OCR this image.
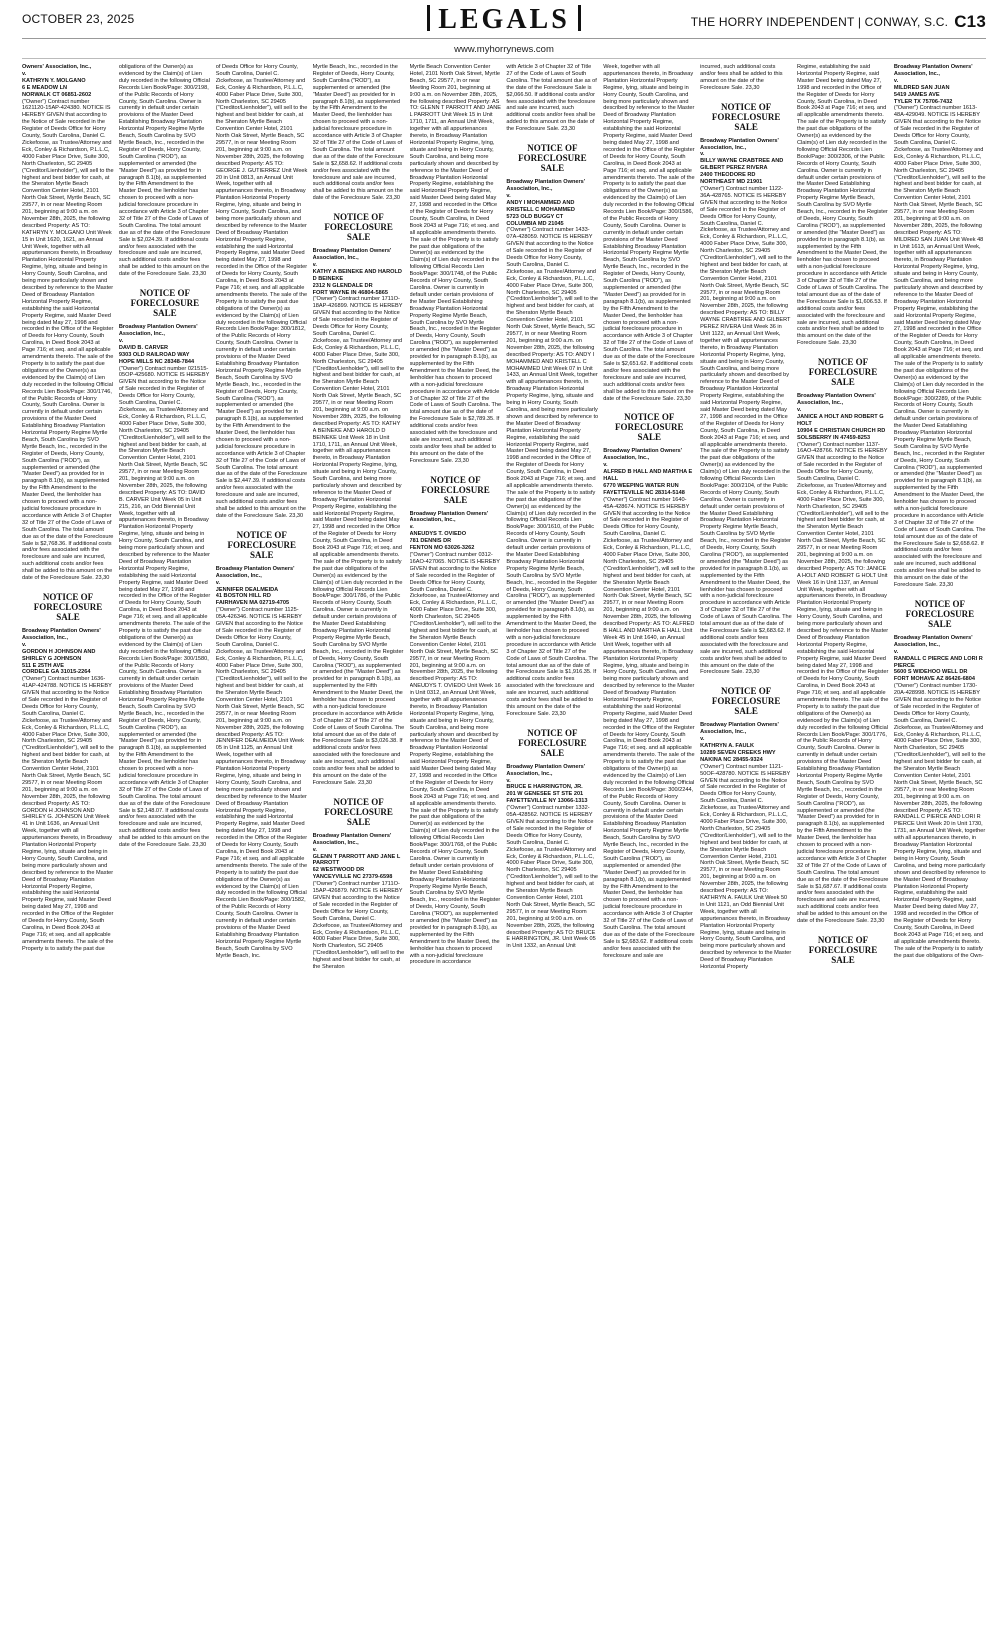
OCTOBER 23, 2025	LEGALS	THE HORRY INDEPENDENT | CONWAY, S.C. C13
www.myhorrynews.com
Owners' Association, Inc.,
v.
KATHRYN Y. MOLGANO
6 E MEADOW LN
NORWALK CT 06851-2602
("Owner") Contract number 1621120-15AP-424380. NOTICE IS HEREBY GIVEN that according to the Notice of Sale recorded in the Register of Deeds Office for Horry County, South Carolina, Daniel C. Zickefoose, as Trustee/Attorney and Eck, Conley & Richardson, P.L.L.C, 4000 Faber Place Drive, Suite 300, North Charleston, SC 29405 ("Creditor/Lienholder"), will sell to the highest and best bidder for cash, at the Sheraton Myrtle Beach Convention Center Hotel, 2101 North Oak Street, Myrtle Beach, SC 29577, in or near Meeting Room 201, beginning at 9:00 a.m. on November 28th, 2025, the following described Property: AS TO: KATHRYN Y. MOLGANO Unit Week 15 in Unit 1620, 1621, an Annual Unit Week, together with all appurtenances thereto, in Broadway Plantation Horizontal Property Regime, lying, situate and being in Horry County, South Carolina, and being more particularly shown and described by reference to the Master Deed of Broadway Plantation Horizontal Property Regime, establishing the said Horizontal Property Regime, said Master Deed being dated May 27, 1998 and recorded in the Office of the Register of Deeds for Horry County, South Carolina, in Deed Book 2043 at Page 716; et seq. and all applicable amendments thereto. The sale of the Property is to satisfy the past due obligations of the Owner(s) as evidenced by the Claim(s) of Lien duly recorded in the following Official Records Lien Book/Page: 300/1746, of the Public Records of Horry County, South Carolina. Owner is currently in default under certain provisions of the Master Deed Establishing Broadway Plantation Horizontal Property Regime Myrtle Beach, South Carolina by SVO Myrtle Beach, Inc., recorded in the Register of Deeds, Horry County, South Carolina ("ROD"), as supplemented or amended (the "Master Deed") as provided for in paragraph 8.1(b), as supplemented by the Fifth Amendment to the Master Deed, the lienholder has chosen to proceed with a non-judicial foreclosure procedure in accordance with Article 3 of Chapter 32 of Title 27 of the Code of Laws of South Carolina. The total amount due as of the date of the Foreclosure Sale is $2,768.36. If additional costs and/or fees associated with the foreclosure and sale are incurred, such additional costs and/or fees shall be added to this amount on the date of the Foreclosure Sale. 23,30
NOTICE OF FORECLOSURE SALE
Broadway Plantation Owners' Association, Inc.,
v.
GORDON H JOHNSON AND SHIRLEY G JOHNSON
511 E 25TH AVE
CORDELE GA 31015-2264
("Owner") Contract number 1636-41AP-424788. NOTICE IS HEREBY GIVEN that according to the Notice of Sale recorded in the Register of Deeds Office for Horry County, South Carolina, Daniel C. Zickefoose, as Trustee/Attorney and Eck, Conley & Richardson, P.L.L.C, 4000 Faber Place Drive, Suite 300, North Charleston, SC 29405 ("Creditor/Lienholder"), will sell to the highest and best bidder for cash, at the Sheraton Myrtle Beach Convention Center Hotel, 2101 North Oak Street, Myrtle Beach, SC 29577, in or near Meeting Room 201, beginning at 9:00 a.m. on November 28th, 2025, the following described Property: AS TO: GORDON H JOHNSON AND SHIRLEY G. JOHNSON Unit Week 41 in Unit 1636, an Annual Unit Week, together with all appurtenances thereto, in Broadway Plantation Horizontal Property Regime, lying, situate and being in Horry County, South Carolina, and being more particularly shown and described by reference to the Master Deed of Broadway Plantation Horizontal Property Regime, establishing the said Horizontal Property Regime, said Master Deed being dated May 27, 1998 and recorded in the Office of the Register of Deeds for Horry County, South Carolina, in Deed Book 2043 at Page 716; et seq. and all applicable amendments thereto. The sale of the Property is to satisfy the past due
obligations of the Owner(s) as evidenced by the Claim(s) of Lien duly recorded in the following Official Records Lien Book/Page: 300/2198, of the Public Records of Horry County, South Carolina. Owner is currently in default under certain provisions of the Master Deed Establishing Broadway Plantation Horizontal Property Regime Myrtle Beach, South Carolina by SVO Myrtle Beach, Inc., recorded in the Register of Deeds, Horry County, South Carolina ("ROD"), as supplemented or amended (the "Master Deed") as provided for in paragraph 8.1(b), as supplemented by the Fifth Amendment to the Master Deed, the lienholder has chosen to proceed with a non-judicial foreclosure procedure in accordance with Article 3 of Chapter 32 of Title 27 of the Code of Laws of South Carolina. The total amount due as of the date of the Foreclosure Sale is $2,024.39. If additional costs and/or fees associated with the foreclosure and sale are incurred, such additional costs and/or fees shall be added to this amount on the date of the Foreclosure Sale. 23,30
NOTICE OF FORECLOSURE SALE
Broadway Plantation Owners' Association, Inc.,
v.
DAVID B. CARVER
9303 OLD RAILROAD WAY
HOPE MILLS NC 28348-7844
("Owner") Contract number 021515-05OP-425680. NOTICE IS HEREBY GIVEN that according to the Notice of Sale recorded in the Register of Deeds Office for Horry County, South Carolina, Daniel C. Zickefoose, as Trustee/Attorney and Eck, Conley & Richardson, P.L.L.C, 4000 Faber Place Drive, Suite 300, North Charleston, SC 29405 ("Creditor/Lienholder"), will sell to the highest and best bidder for cash, at the Sheraton Myrtle Beach Convention Center Hotel, 2101 North Oak Street, Myrtle Beach, SC 29577, in or near Meeting Room 201, beginning at 9:00 a.m. on November 28th, 2025, the following described Property: AS TO: DAVID B. CARVER Unit Week 05 in Unit 215, 216, an Odd Biennial Unit Week, together with all appurtenances thereto, in Broadway Plantation Horizontal Property Regime, lying, situate and being in Horry County, South Carolina, and being more particularly shown and described by reference to the Master Deed of Broadway Plantation Horizontal Property Regime, establishing the said Horizontal Property Regime, said Master Deed being dated May 27, 1998 and recorded in the Office of the Register of Deeds for Horry County, South Carolina, in Deed Book 2043 at Page 716; et seq. and all applicable amendments thereto. The sale of the Property is to satisfy the past due obligations of the Owner(s) as evidenced by the Claim(s) of Lien duly recorded in the following Official Records Lien Book/Page: 300/1580, of the Public Records of Horry County, South Carolina. Owner is currently in default under certain provisions of the Master Deed Establishing Broadway Plantation Horizontal Property Regime Myrtle Beach, South Carolina by SVO Myrtle Beach, Inc., recorded in the Register of Deeds, Horry County, South Carolina ("ROD"), as supplemented or amended (the "Master Deed") as provided for in paragraph 8.1(b), as supplemented by the Fifth Amendment to the Master Deed, the lienholder has chosen to proceed with a non-judicial foreclosure procedure in accordance with Article 3 of Chapter 32 of Title 27 of the Code of Laws of South Carolina. The total amount due as of the date of the Foreclosure Sale is $2,148.07. If additional costs and/or fees associated with the foreclosure and sale are incurred, such additional costs and/or fees shall be added to this amount on the date of the Foreclosure Sale. 23,30
of Deeds Office for Horry County, South Carolina, Daniel C. Zickefoose, as Trustee/Attorney and Eck, Conley & Richardson, P.L.L.C, 4000 Faber Place Drive, Suite 300, North Charleston, SC 29405 ("Creditor/Lienholder"), will sell to the highest and best bidder for cash, at the Sheraton Myrtle Beach Convention Center Hotel, 2101 North Oak Street, Myrtle Beach, SC 29577, in or near Meeting Room 201, beginning at 9:00 a.m. on November 28th, 2025, the following described Property: AS TO: GEORGE J. GUTIERREZ Unit Week 20 in Unit 0813, an Annual Unit Week, together with all appurtenances thereto, in Broadway Plantation Horizontal Property Regime, lying, situate and being in Horry County, South Carolina, and being more particularly shown and described by reference to the Master Deed of Broadway Plantation Horizontal Property Regime, establishing the said Horizontal Property Regime, said Master Deed being dated May 27, 1998 and recorded in the Office of the Register of Deeds for Horry County, South Carolina, in Deed Book 2043 at Page 716; et seq. and all applicable amendments thereto. The sale of the Property is to satisfy the past due obligations of the Owner(s) as evidenced by the Claim(s) of Lien duly recorded in the following Official Records Lien Book/Page: 300/1812, of the Public Records of Horry County, South Carolina. Owner is currently in default under certain provisions of the Master Deed Establishing Broadway Plantation Horizontal Property Regime Myrtle Beach, South Carolina by SVO Myrtle Beach, Inc., recorded in the Register of Deeds, Horry County, South Carolina ("ROD"), as supplemented or amended (the "Master Deed") as provided for in paragraph 8.1(b), as supplemented by the Fifth Amendment to the Master Deed, the lienholder has chosen to proceed with a non-judicial foreclosure procedure in accordance with Article 3 of Chapter 32 of Title 27 of the Code of Laws of South Carolina. The total amount due as of the date of the Foreclosure Sale is $2,447.39. If additional costs and/or fees associated with the foreclosure and sale are incurred, such additional costs and/or fees shall be added to this amount on the date of the Foreclosure Sale. 23,30
NOTICE OF FORECLOSURE SALE
Broadway Plantation Owners' Association, Inc.,
v.
JENNIFER DEALMEIDA
41 BOSTON HILL RD
FAIRHAVEN MA 02719-4705
("Owner") Contract number 1125-05A-426346. NOTICE IS HEREBY GIVEN that according to the Notice of Sale recorded in the Register of Deeds Office for Horry County, South Carolina, Daniel C. Zickefoose, as Trustee/Attorney and Eck, Conley & Richardson, P.L.L.C, 4000 Faber Place Drive, Suite 300, North Charleston, SC 29405 ("Creditor/Lienholder"), will sell to the highest and best bidder for cash, at the Sheraton Myrtle Beach Convention Center Hotel, 2101 North Oak Street, Myrtle Beach, SC 29577, in or near Meeting Room 201, beginning at 9:00 a.m. on November 28th, 2025, the following described Property: AS TO: JENNIFER DEALMEIDA Unit Week 05 in Unit 1125, an Annual Unit Week, together with all appurtenances thereto, in Broadway Plantation Horizontal Property Regime, lying, situate and being in Horry County, South Carolina, and being more particularly shown and described by reference to the Master Deed of Broadway Plantation Horizontal Property Regime, establishing the said Horizontal Property Regime, said Master Deed being dated May 27, 1998 and recorded in the Office of the Register of Deeds for Horry County, South Carolina, in Deed Book 2043 at Page 716; et seq. and all applicable amendments thereto. The sale of the Property is to satisfy the past due obligations of the Owner(s) as evidenced by the Claim(s) of Lien duly recorded in the following Official Records Lien Book/Page: 300/1582, of the Public Records of Horry County, South Carolina. Owner is currently in default under certain provisions of the Master Deed Establishing Broadway Plantation Horizontal Property Regime Myrtle Beach, South Carolina by SVO Myrtle Beach, Inc.
Myrtle Beach, Inc., recorded in the Register of Deeds, Horry County, South Carolina ("ROD"), as supplemented or amended (the "Master Deed") as provided for in paragraph 8.1(b), as supplemented by the Fifth Amendment to the Master Deed, the lienholder has chosen to proceed with a non-judicial foreclosure procedure in accordance with Article 3 of Chapter 32 of Title 27 of the Code of Laws of South Carolina. The total amount due as of the date of the Foreclosure Sale is $2,658.62. If additional costs and/or fees associated with the foreclosure and sale are incurred, such additional costs and/or fees shall be added to this amount on the date of the Foreclosure Sale. 23,30
NOTICE OF FORECLOSURE SALE
Broadway Plantation Owners' Association, Inc.,
v.
KATHY A BEINEKE AND HAROLD D BEINEKE
2312 N GLENDALE DR
FORT WAYNE IN 46804-5865
("Owner") Contract number 1711O-18AP-426899. NOTICE IS HEREBY GIVEN that according to the Notice of Sale recorded in the Register of Deeds Office for Horry County, South Carolina, Daniel C. Zickefoose, as Trustee/Attorney and Eck, Conley & Richardson, P.L.L.C, 4000 Faber Place Drive, Suite 300, North Charleston, SC 29405 ("Creditor/Lienholder"), will sell to the highest and best bidder for cash, at the Sheraton Myrtle Beach Convention Center Hotel, 2101 North Oak Street, Myrtle Beach, SC 29577, in or near Meeting Room 201, beginning at 9:00 a.m. on November 28th, 2025, the following described Property: AS TO: KATHY A BEINEKE AND HAROLD D BEINEKE Unit Week 18 in Unit 1710, 1711, an Annual Unit Week, together with all appurtenances thereto, in Broadway Plantation Horizontal Property Regime, lying, situate and being in Horry County, South Carolina, and being more particularly shown and described by reference to the Master Deed of Broadway Plantation Horizontal Property Regime, establishing the said Horizontal Property Regime, said Master Deed being dated May 27, 1998 and recorded in the Office of the Register of Deeds for Horry County, South Carolina, in Deed Book 2043 at Page 716; et seq. and all applicable amendments thereto. The sale of the Property is to satisfy the past due obligations of the Owner(s) as evidenced by the Claim(s) of Lien duly recorded in the following Official Records Lien Book/Page: 300/1786, of the Public Records of Horry County, South Carolina. Owner is currently in default under certain provisions of the Master Deed Establishing Broadway Plantation Horizontal Property Regime Myrtle Beach, South Carolina by SVO Myrtle Beach, Inc., recorded in the Register of Deeds, Horry County, South Carolina ("ROD"), as supplemented or amended (the "Master Deed") as provided for in paragraph 8.1(b), as supplemented by the Fifth Amendment to the Master Deed, the lienholder has chosen to proceed with a non-judicial foreclosure procedure in accordance with Article 3 of Chapter 32 of Title 27 of the Code of Laws of South Carolina. The total amount due as of the date of the Foreclosure Sale is $3,026.38. If additional costs and/or fees associated with the foreclosure and sale are incurred, such additional costs and/or fees shall be added to this amount on the date of the Foreclosure Sale. 23,30
NOTICE OF FORECLOSURE SALE
Broadway Plantation Owners' Association, Inc.,
v.
GLENN T PARROTT AND JANE L PARROTT
62 WESTWOOD DR
YANCEYVILLE NC 27379-6598
("Owner") Contract number 1711O-15AP-426879. NOTICE IS HEREBY GIVEN that according to the Notice of Sale recorded in the Register of Deeds Office for Horry County, South Carolina, Daniel C. Zickefoose, as Trustee/Attorney and Eck, Conley & Richardson, P.L.L.C, 4000 Faber Place Drive, Suite 300, North Charleston, SC 29405 ("Creditor/Lienholder"), will sell to the highest and best bidder for cash, at the Sheraton
Myrtle Beach Convention Center Hotel, 2101 North Oak Street, Myrtle Beach, SC 29577, in or near Meeting Room 201, beginning at 9:00 a.m. on November 28th, 2025, the following described Property: AS TO: GLENN T PARROTT AND JANE L PARROTT Unit Week 15 in Unit 1710, 1711, an Annual Unit Week, together with all appurtenances thereto, in Broadway Plantation Horizontal Property Regime, lying, situate and being in Horry County, South Carolina, and being more particularly shown and described by reference to the Master Deed of Broadway Plantation Horizontal Property Regime, establishing the said Horizontal Property Regime, said Master Deed being dated May 27, 1998 and recorded in the Office of the Register of Deeds for Horry County, South Carolina, in Deed Book 2043 at Page 716; et seq. and all applicable amendments thereto. The sale of the Property is to satisfy the past due obligations of the Owner(s) as evidenced by the Claim(s) of Lien duly recorded in the following Official Records Lien Book/Page: 300/1748, of the Public Records of Horry County, South Carolina. Owner is currently in default under certain provisions of the Master Deed Establishing Broadway Plantation Horizontal Property Regime Myrtle Beach, South Carolina by SVO Myrtle Beach, Inc., recorded in the Register of Deeds, Horry County, South Carolina ("ROD"), as supplemented or amended (the "Master Deed") as provided for in paragraph 8.1(b), as supplemented by the Fifth Amendment to the Master Deed, the lienholder has chosen to proceed with a non-judicial foreclosure procedure in accordance with Article 3 of Chapter 32 of Title 27 of the Code of Laws of South Carolina. The total amount due as of the date of the Foreclosure Sale is $2,789.35. If additional costs and/or fees associated with the foreclosure and sale are incurred, such additional costs and/or fees shall be added to this amount on the date of the Foreclosure Sale. 23,30
NOTICE OF FORECLOSURE SALE
Broadway Plantation Owners' Association, Inc.,
v.
ANEUDYS T. OVIEDO
781 DENNIS DR
FENTON MO 63026-3262
("Owner") Contract number 0312-16AO-427065. NOTICE IS HEREBY GIVEN that according to the Notice of Sale recorded in the Register of Deeds Office for Horry County, South Carolina, Daniel C. Zickefoose, as Trustee/Attorney and Eck, Conley & Richardson, P.L.L.C, 4000 Faber Place Drive, Suite 300, North Charleston, SC 29405 ("Creditor/Lienholder"), will sell to the highest and best bidder for cash, at the Sheraton Myrtle Beach Convention Center Hotel, 2101 North Oak Street, Myrtle Beach, SC 29577, in or near Meeting Room 201, beginning at 9:00 a.m. on November 28th, 2025, the following described Property: AS TO: ANEUDYS T. OVIEDO Unit Week 16 in Unit 0312, an Annual Unit Week, together with all appurtenances thereto, in Broadway Plantation Horizontal Property Regime, lying, situate and being in Horry County, South Carolina, and being more particularly shown and described by reference to the Master Deed of Broadway Plantation Horizontal Property Regime, establishing the said Horizontal Property Regime, said Master Deed being dated May 27, 1998 and recorded in the Office of the Register of Deeds for Horry County, South Carolina, in Deed Book 2043 at Page 716; et seq. and all applicable amendments thereto. The sale of the Property is to satisfy the past due obligations of the Owner(s) as evidenced by the Claim(s) of Lien duly recorded in the following Official Records Lien Book/Page: 300/1768, of the Public Records of Horry County, South Carolina. Owner is currently in default under certain provisions of the Master Deed Establishing Broadway Plantation Horizontal Property Regime Myrtle Beach, South Carolina by SVO Myrtle Beach, Inc., recorded in the Register of Deeds, Horry County, South Carolina ("ROD"), as supplemented or amended (the "Master Deed") as provided for in paragraph 8.1(b), as supplemented by the Fifth Amendment to the Master Deed, the lienholder has chosen to proceed with a non-judicial foreclosure procedure in accordance
with Article 3 of Chapter 32 of Title 27 of the Code of Laws of South Carolina. The total amount due as of the date of the Foreclosure Sale is $2,066.50. If additional costs and/or fees associated with the foreclosure and sale are incurred, such additional costs and/or fees shall be added to this amount on the date of the Foreclosure Sale. 23,30
NOTICE OF FORECLOSURE SALE
Broadway Plantation Owners' Association, Inc.,
v.
ANDY I MOHAMMED AND KRISTELL C MOHAMMED
5723 OLD BUGGY CT
COLUMBIA MD 21045
("Owner") Contract number 1433-07A-428059. NOTICE IS HEREBY GIVEN that according to the Notice of Sale recorded in the Register of Deeds Office for Horry County, South Carolina, Daniel C. Zickefoose, as Trustee/Attorney and Eck, Conley & Richardson, P.L.L.C, 4000 Faber Place Drive, Suite 300, North Charleston, SC 29405 ("Creditor/Lienholder"), will sell to the highest and best bidder for cash, at the Sheraton Myrtle Beach Convention Center Hotel, 2101 North Oak Street, Myrtle Beach, SC 29577, in or near Meeting Room 201, beginning at 9:00 a.m. on November 28th, 2025, the following described Property: AS TO: ANDY I MOHAMMED AND KRISTELL C MOHAMMED Unit Week 07 in Unit 1433, an Annual Unit Week, together with all appurtenances thereto, in Broadway Plantation Horizontal Property Regime, lying, situate and being in Horry County, South Carolina, and being more particularly shown and described by reference to the Master Deed of Broadway Plantation Horizontal Property Regime, establishing the said Horizontal Property Regime, said Master Deed being dated May 27, 1998 and recorded in the Office of the Register of Deeds for Horry County, South Carolina, in Deed Book 2043 at Page 716; et seq. and all applicable amendments thereto. The sale of the Property is to satisfy the past due obligations of the Owner(s) as evidenced by the Claim(s) of Lien duly recorded in the following Official Records Lien Book/Page: 300/1610, of the Public Records of Horry County, South Carolina. Owner is currently in default under certain provisions of the Master Deed Establishing Broadway Plantation Horizontal Property Regime Myrtle Beach, South Carolina by SVO Myrtle Beach, Inc., recorded in the Register of Deeds, Horry County, South Carolina ("ROD"), as supplemented or amended (the "Master Deed") as provided for in paragraph 8.1(b), as supplemented by the Fifth Amendment to the Master Deed, the lienholder has chosen to proceed with a non-judicial foreclosure procedure in accordance with Article 3 of Chapter 32 of Title 27 of the Code of Laws of South Carolina. The total amount due as of the date of the Foreclosure Sale is $1,916.35. If additional costs and/or fees associated with the foreclosure and sale are incurred, such additional costs and/or fees shall be added to this amount on the date of the Foreclosure Sale. 23,30
NOTICE OF FORECLOSURE SALE
Broadway Plantation Owners' Association, Inc.,
v.
BRUCE E HARRINGTON, JR.
201 W GENESEE ST STE 201
FAYETTEVILLE NY 13066-1313
("Owner") Contract number 1332-05A-428562. NOTICE IS HEREBY GIVEN that according to the Notice of Sale recorded in the Register of Deeds Office for Horry County, South Carolina, Daniel C. Zickefoose, as Trustee/Attorney and Eck, Conley & Richardson, P.L.L.C, 4000 Faber Place Drive, Suite 300, North Charleston, SC 29405 ("Creditor/Lienholder"), will sell to the highest and best bidder for cash, at the Sheraton Myrtle Beach Convention Center Hotel, 2101 North Oak Street, Myrtle Beach, SC 29577, in or near Meeting Room 201, beginning at 9:00 a.m. on November 28th, 2025, the following described Property: AS TO: BRUCE E HARRINGTON, JR. Unit Week 05 in Unit 1332, an Annual Unit
Week, together with all appurtenances thereto, in Broadway Plantation Horizontal Property Regime, lying, situate and being in Horry County, South Carolina, and being more particularly shown and described by reference to the Master Deed of Broadway Plantation Horizontal Property Regime, establishing the said Horizontal Property Regime, said Master Deed being dated May 27, 1998 and recorded in the Office of the Register of Deeds for Horry County, South Carolina, in Deed Book 2043 at Page 716; et seq. and all applicable amendments thereto. The sale of the Property is to satisfy the past due obligations of the Owner(s) as evidenced by the Claim(s) of Lien duly recorded in the following Official Records Lien Book/Page: 300/1586, of the Public Records of Horry County, South Carolina. Owner is currently in default under certain provisions of the Master Deed Establishing Broadway Plantation Horizontal Property Regime Myrtle Beach, South Carolina by SVO Myrtle Beach, Inc., recorded in the Register of Deeds, Horry County, South Carolina ("ROD"), as supplemented or amended (the "Master Deed") as provided for in paragraph 8.1(b), as supplemented by the Fifth Amendment to the Master Deed, the lienholder has chosen to proceed with a non-judicial foreclosure procedure in accordance with Article 3 of Chapter 32 of Title 27 of the Code of Laws of South Carolina. The total amount due as of the date of the Foreclosure Sale is $2,651.62. If additional costs and/or fees associated with the foreclosure and sale are incurred, such additional costs and/or fees shall be added to this amount on the date of the Foreclosure Sale. 23,30
NOTICE OF FORECLOSURE SALE
Broadway Plantation Owners' Association, Inc.,
v.
ALFRED B HALL AND MARTHA E HALL
6770 WEEPING WATER RUN
FAYETTEVILLE NC 28314-5148
("Owner") Contract number 1640-45A-428674. NOTICE IS HEREBY GIVEN that according to the Notice of Sale recorded in the Register of Deeds Office for Horry County, South Carolina, Daniel C. Zickefoose, as Trustee/Attorney and Eck, Conley & Richardson, P.L.L.C, 4000 Faber Place Drive, Suite 300, North Charleston, SC 29405 ("Creditor/Lienholder"), will sell to the highest and best bidder for cash, at the Sheraton Myrtle Beach Convention Center Hotel, 2101 North Oak Street, Myrtle Beach, SC 29577, in or near Meeting Room 201, beginning at 9:00 a.m. on November 28th, 2025, the following described Property: AS TO: ALFRED B HALL AND MARTHA E HALL Unit Week 45 in Unit 1640, an Annual Unit Week, together with all appurtenances thereto, in Broadway Plantation Horizontal Property Regime, lying, situate and being in Horry County, South Carolina, and being more particularly shown and described by reference to the Master Deed of Broadway Plantation Horizontal Property Regime, establishing the said Horizontal Property Regime, said Master Deed being dated May 27, 1998 and recorded in the Office of the Register of Deeds for Horry County, South Carolina, in Deed Book 2043 at Page 716; et seq. and all applicable amendments thereto. The sale of the Property is to satisfy the past due obligations of the Owner(s) as evidenced by the Claim(s) of Lien duly recorded in the following Official Records Lien Book/Page: 300/2244, of the Public Records of Horry County, South Carolina. Owner is currently in default under certain provisions of the Master Deed Establishing Broadway Plantation Horizontal Property Regime Myrtle Beach, South Carolina by SVO Myrtle Beach, Inc., recorded in the Register of Deeds, Horry County, South Carolina ("ROD"), as supplemented or amended (the "Master Deed") as provided for in paragraph 8.1(b), as supplemented by the Fifth Amendment to the Master Deed, the lienholder has chosen to proceed with a non-judicial foreclosure procedure in accordance with Article 3 of Chapter 32 of Title 27 of the Code of Laws of South Carolina. The total amount due as of the date of the Foreclosure Sale is $2,683.62. If additional costs and/or fees associated with the foreclosure and sale are
incurred, such additional costs and/or fees shall be added to this amount on the date of the Foreclosure Sale. 23,30
NOTICE OF FORECLOSURE SALE
Broadway Plantation Owners' Association, Inc.,
v.
BILLY WAYNE CRABTREE AND GILBERT PEREZ RIVERA
2400 THEODORE RD
NORTHEAST MD 21901
("Owner") Contract number 1122-36A-428765. NOTICE IS HEREBY GIVEN that according to the Notice of Sale recorded in the Register of Deeds Office for Horry County, South Carolina, Daniel C. Zickefoose, as Trustee/Attorney and Eck, Conley & Richardson, P.L.L.C, 4000 Faber Place Drive, Suite 300, North Charleston, SC 29405 ("Creditor/Lienholder"), will sell to the highest and best bidder for cash, at the Sheraton Myrtle Beach Convention Center Hotel, 2101 North Oak Street, Myrtle Beach, SC 29577, in or near Meeting Room 201, beginning at 9:00 a.m. on November 28th, 2025, the following described Property: AS TO: BILLY WAYNE CRABTREE AND GILBERT PEREZ RIVERA Unit Week 36 in Unit 1122, an Annual Unit Week, together with all appurtenances thereto, in Broadway Plantation Horizontal Property Regime, lying, situate and being in Horry County, South Carolina, and being more particularly shown and described by reference to the Master Deed of Broadway Plantation Horizontal Property Regime, establishing the said Horizontal Property Regime, said Master Deed being dated May 27, 1998 and recorded in the Office of the Register of Deeds for Horry County, South Carolina, in Deed Book 2043 at Page 716; et seq. and all applicable amendments thereto. The sale of the Property is to satisfy the past due obligations of the Owner(s) as evidenced by the Claim(s) of Lien duly recorded in the following Official Records Lien Book/Page: 300/2104, of the Public Records of Horry County, South Carolina. Owner is currently in default under certain provisions of the Master Deed Establishing Broadway Plantation Horizontal Property Regime Myrtle Beach, South Carolina by SVO Myrtle Beach, Inc., recorded in the Register of Deeds, Horry County, South Carolina ("ROD"), as supplemented or amended (the "Master Deed") as provided for in paragraph 8.1(b), as supplemented by the Fifth Amendment to the Master Deed, the lienholder has chosen to proceed with a non-judicial foreclosure procedure in accordance with Article 3 of Chapter 32 of Title 27 of the Code of Laws of South Carolina. The total amount due as of the date of the Foreclosure Sale is $2,683.62. If additional costs and/or fees associated with the foreclosure and sale are incurred, such additional costs and/or fees shall be added to this amount on the date of the Foreclosure Sale. 23,30
NOTICE OF FORECLOSURE SALE
Broadway Plantation Owners' Association, Inc.,
v.
KATHRYN A. FAULK
10289 SEVEN CREEKS HWY
NAKINA NC 28455-9324
("Owner") Contract number 1121-50OF-428780. NOTICE IS HEREBY GIVEN that according to the Notice of Sale recorded in the Register of Deeds Office for Horry County, South Carolina, Daniel C. Zickefoose, as Trustee/Attorney and Eck, Conley & Richardson, P.L.L.C, 4000 Faber Place Drive, Suite 300, North Charleston, SC 29405 ("Creditor/Lienholder"), will sell to the highest and best bidder for cash, at the Sheraton Myrtle Beach Convention Center Hotel, 2101 North Oak Street, Myrtle Beach, SC 29577, in or near Meeting Room 201, beginning at 9:00 a.m. on November 28th, 2025, the following described Property: AS TO: KATHRYN A. FAULK Unit Week 50 in Unit 1121, an Odd Biennial Unit Week, together with all appurtenances thereto, in Broadway Plantation Horizontal Property Regime, lying, situate and being in Horry County, South Carolina, and being more particularly shown and described by reference to the Master Deed of Broadway Plantation Horizontal Property
Regime, establishing the said Horizontal Property Regime, said Master Deed being dated May 27, 1998 and recorded in the Office of the Register of Deeds for Horry County, South Carolina, in Deed Book 2043 at Page 716; et seq. and all applicable amendments thereto. The sale of the Property is to satisfy the past due obligations of the Owner(s) as evidenced by the Claim(s) of Lien duly recorded in the following Official Records Lien Book/Page: 300/2306, of the Public Records of Horry County, South Carolina. Owner is currently in default under certain provisions of the Master Deed Establishing Broadway Plantation Horizontal Property Regime Myrtle Beach, South Carolina by SVO Myrtle Beach, Inc., recorded in the Register of Deeds, Horry County, South Carolina ("ROD"), as supplemented or amended (the "Master Deed") as provided for in paragraph 8.1(b), as supplemented by the Fifth Amendment to the Master Deed, the lienholder has chosen to proceed with a non-judicial foreclosure procedure in accordance with Article 3 of Chapter 32 of Title 27 of the Code of Laws of South Carolina. The total amount due as of the date of the Foreclosure Sale is $1,606.53. If additional costs and/or fees associated with the foreclosure and sale are incurred, such additional costs and/or fees shall be added to this amount on the date of the Foreclosure Sale. 23,30
NOTICE OF FORECLOSURE SALE
Broadway Plantation Owners' Association, Inc.,
v.
JANICE A HOLT AND ROBERT G HOLT
10904 E CHRISTIAN CHURCH RD
SOLSBERRY IN 47459-8253
("Owner") Contract number 1137-16AO-428766. NOTICE IS HEREBY GIVEN that according to the Notice of Sale recorded in the Register of Deeds Office for Horry County, South Carolina, Daniel C. Zickefoose, as Trustee/Attorney and Eck, Conley & Richardson, P.L.L.C, 4000 Faber Place Drive, Suite 300, North Charleston, SC 29405 ("Creditor/Lienholder"), will sell to the highest and best bidder for cash, at the Sheraton Myrtle Beach Convention Center Hotel, 2101 North Oak Street, Myrtle Beach, SC 29577, in or near Meeting Room 201, beginning at 9:00 a.m. on November 28th, 2025, the following described Property: AS TO: JANICE A HOLT AND ROBERT G HOLT Unit Week 16 in Unit 1137, an Annual Unit Week, together with all appurtenances thereto, in Broadway Plantation Horizontal Property Regime, lying, situate and being in Horry County, South Carolina, and being more particularly shown and described by reference to the Master Deed of Broadway Plantation Horizontal Property Regime, establishing the said Horizontal Property Regime, said Master Deed being dated May 27, 1998 and recorded in the Office of the Register of Deeds for Horry County, South Carolina, in Deed Book 2043 at Page 716; et seq. and all applicable amendments thereto. The sale of the Property is to satisfy the past due obligations of the Owner(s) as evidenced by the Claim(s) of Lien duly recorded in the following Official Records Lien Book/Page: 300/1776, of the Public Records of Horry County, South Carolina. Owner is currently in default under certain provisions of the Master Deed Establishing Broadway Plantation Horizontal Property Regime Myrtle Beach, South Carolina by SVO Myrtle Beach, Inc., recorded in the Register of Deeds, Horry County, South Carolina ("ROD"), as supplemented or amended (the "Master Deed") as provided for in paragraph 8.1(b), as supplemented by the Fifth Amendment to the Master Deed, the lienholder has chosen to proceed with a non-judicial foreclosure procedure in accordance with Article 3 of Chapter 32 of Title 27 of the Code of Laws of South Carolina. The total amount due as of the date of the Foreclosure Sale is $1,687.67. If additional costs and/or fees associated with the foreclosure and sale are incurred, such additional costs and/or fees shall be added to this amount on the date of the Foreclosure Sale. 23,30
NOTICE OF FORECLOSURE SALE
Broadway Plantation Owners' Association, Inc.,
v.
MILDRED SAN JUAN
5419 JAMES AVE
TYLER TX 75706-7432
("Owner") Contract number 1613-48A-429049. NOTICE IS HEREBY GIVEN that according to the Notice of Sale recorded in the Register of Deeds Office for Horry County, South Carolina, Daniel C. Zickefoose, as Trustee/Attorney and Eck, Conley & Richardson, P.L.L.C, 4000 Faber Place Drive, Suite 300, North Charleston, SC 29405 ("Creditor/Lienholder"), will sell to the highest and best bidder for cash, at the Sheraton Myrtle Beach Convention Center Hotel, 2101 North Oak Street, Myrtle Beach, SC 29577, in or near Meeting Room 201, beginning at 9:00 a.m. on November 28th, 2025, the following described Property: AS TO: MILDRED SAN JUAN Unit Week 48 in Unit 1613, an Annual Unit Week, together with all appurtenances thereto, in Broadway Plantation Horizontal Property Regime, lying, situate and being in Horry County, South Carolina, and being more particularly shown and described by reference to the Master Deed of Broadway Plantation Horizontal Property Regime, establishing the said Horizontal Property Regime, said Master Deed being dated May 27, 1998 and recorded in the Office of the Register of Deeds for Horry County, South Carolina, in Deed Book 2043 at Page 716; et seq. and all applicable amendments thereto. The sale of the Property is to satisfy the past due obligations of the Owner(s) as evidenced by the Claim(s) of Lien duly recorded in the following Official Records Lien Book/Page: 300/2289, of the Public Records of Horry County, South Carolina. Owner is currently in default under certain provisions of the Master Deed Establishing Broadway Plantation Horizontal Property Regime Myrtle Beach, South Carolina by SVO Myrtle Beach, Inc., recorded in the Register of Deeds, Horry County, South Carolina ("ROD"), as supplemented or amended (the "Master Deed") as provided for in paragraph 8.1(b), as supplemented by the Fifth Amendment to the Master Deed, the lienholder has chosen to proceed with a non-judicial foreclosure procedure in accordance with Article 3 of Chapter 32 of Title 27 of the Code of Laws of South Carolina. The total amount due as of the date of the Foreclosure Sale is $2,658.62. If additional costs and/or fees associated with the foreclosure and sale are incurred, such additional costs and/or fees shall be added to this amount on the date of the Foreclosure Sale. 23,30
NOTICE OF FORECLOSURE SALE
Broadway Plantation Owners' Association, Inc.,
v.
RANDALL C PIERCE AND LORI R PIERCE
5600 S WIDEHOO WELL DR
FORT MOHAVE AZ 86426-6804
("Owner") Contract number 1730-20A-428998. NOTICE IS HEREBY GIVEN that according to the Notice of Sale recorded in the Register of Deeds Office for Horry County, South Carolina, Daniel C. Zickefoose, as Trustee/Attorney and Eck, Conley & Richardson, P.L.L.C, 4000 Faber Place Drive, Suite 300, North Charleston, SC 29405 ("Creditor/Lienholder"), will sell to the highest and best bidder for cash, at the Sheraton Myrtle Beach Convention Center Hotel, 2101 North Oak Street, Myrtle Beach, SC 29577, in or near Meeting Room 201, beginning at 9:00 a.m. on November 28th, 2025, the following described Property: AS TO: RANDALL C PIERCE AND LORI R PIERCE Unit Week 20 in Unit 1730, 1731, an Annual Unit Week, together with all appurtenances thereto, in Broadway Plantation Horizontal Property Regime, lying, situate and being in Horry County, South Carolina, and being more particularly shown and described by reference to the Master Deed of Broadway Plantation Horizontal Property Regime, establishing the said Horizontal Property Regime, said Master Deed being dated May 27, 1998 and recorded in the Office of the Register of Deeds for Horry County, South Carolina, in Deed Book 2043 at Page 716; et seq. and all applicable amendments thereto. The sale of the Property is to satisfy the past due obligations of the Own-
